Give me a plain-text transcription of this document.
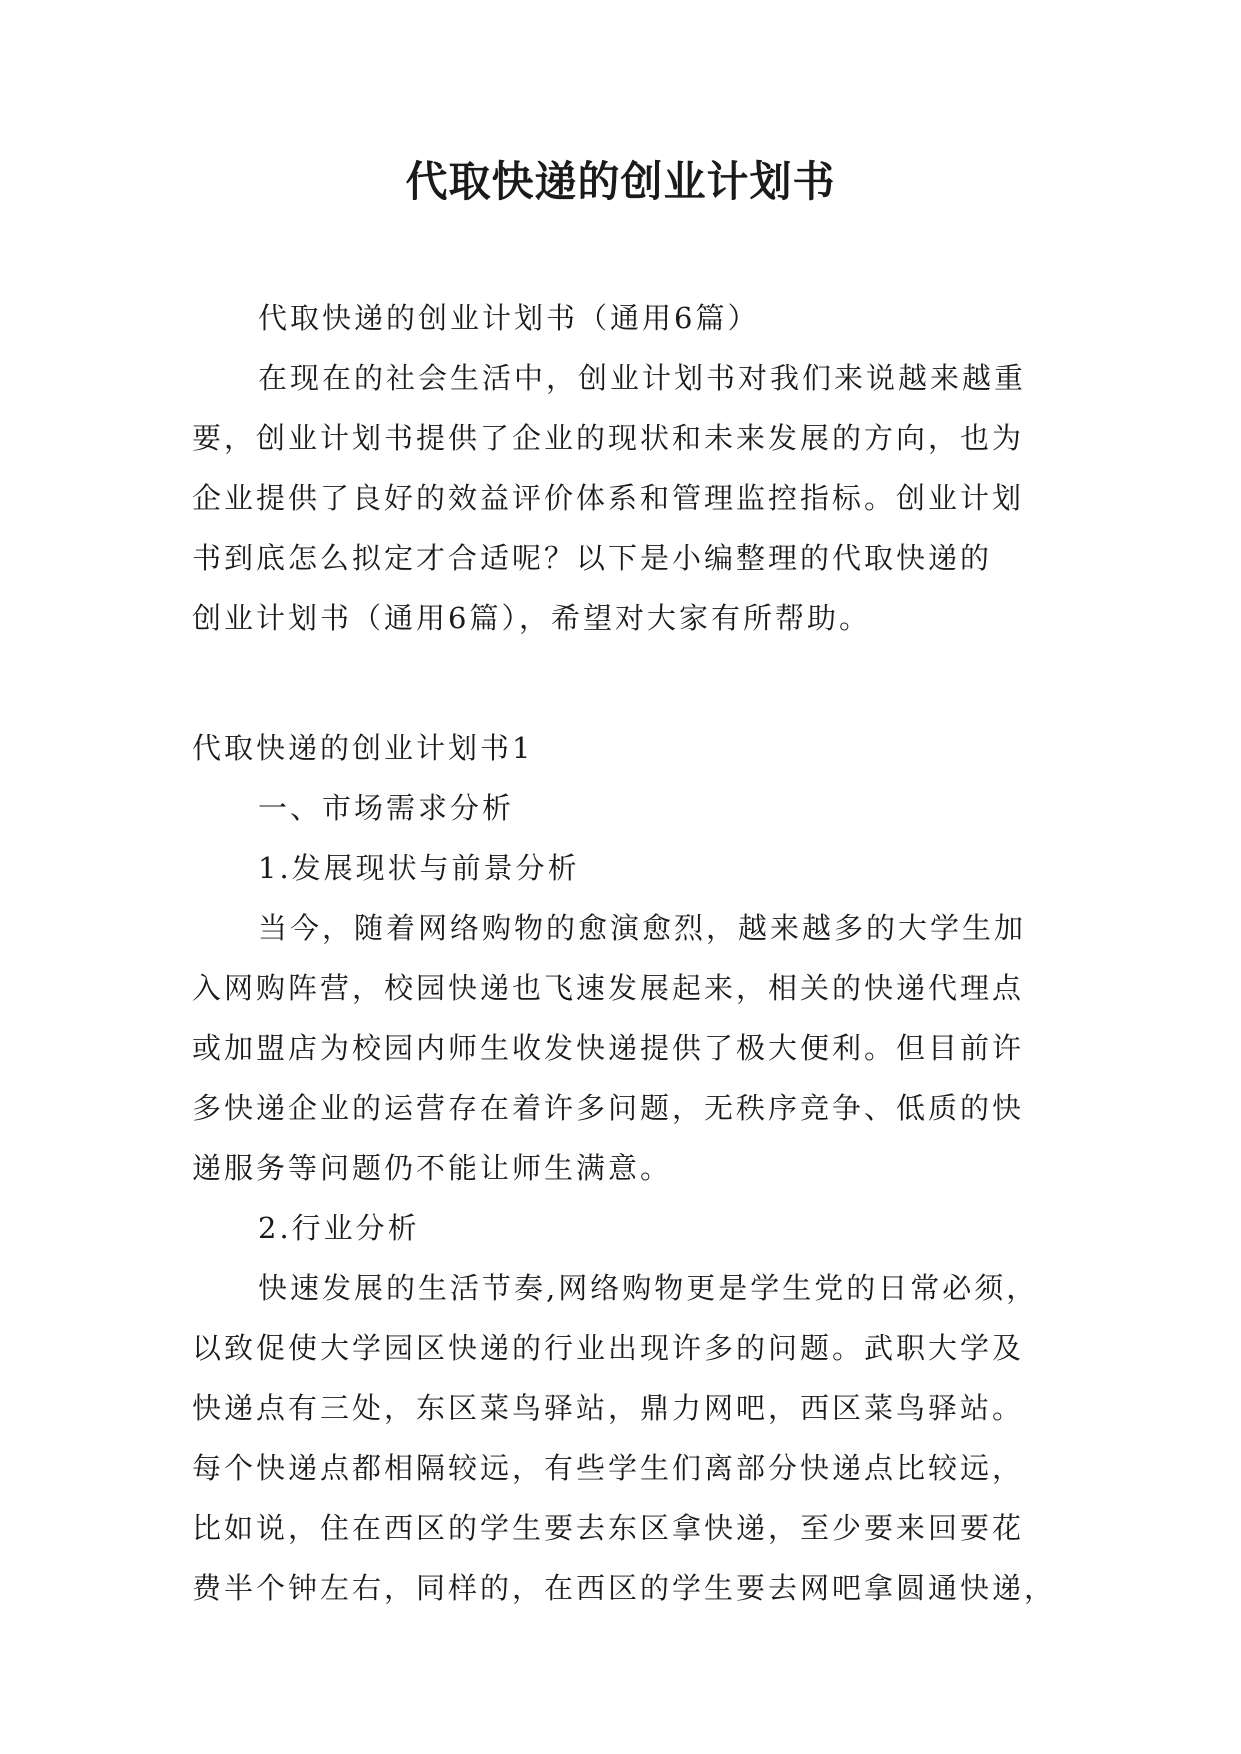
代取快递的创业计划书

代取快递的创业计划书（通用6篇）

在现在的社会生活中，创业计划书对我们来说越来越重

要，创业计划书提供了企业的现状和未来发展的方向，也为

企业提供了良好的效益评价体系和管理监控指标。创业计划

书到底怎么拟定才合适呢？以下是小编整理的代取快递的

创业计划书（通用6篇），希望对大家有所帮助。

代取快递的创业计划书1

一、市场需求分析

1.发展现状与前景分析

当今，随着网络购物的愈演愈烈，越来越多的大学生加

入网购阵营，校园快递也飞速发展起来，相关的快递代理点

或加盟店为校园内师生收发快递提供了极大便利。但目前许

多快递企业的运营存在着许多问题，无秩序竞争、低质的快

递服务等问题仍不能让师生满意。

2.行业分析

快速发展的生活节奏,网络购物更是学生党的日常必须，

以致促使大学园区快递的行业出现许多的问题。武职大学及

快递点有三处，东区菜鸟驿站，鼎力网吧，西区菜鸟驿站。

每个快递点都相隔较远，有些学生们离部分快递点比较远，

比如说，住在西区的学生要去东区拿快递，至少要来回要花

费半个钟左右，同样的，在西区的学生要去网吧拿圆通快递，
